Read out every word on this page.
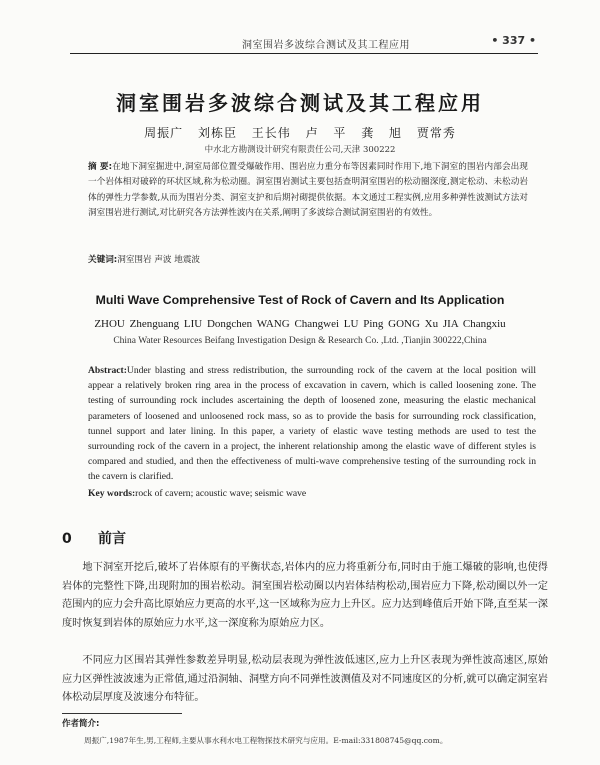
洞室围岩多波综合测试及其工程应用	• 337 •
洞室围岩多波综合测试及其工程应用
周振广 刘栋臣 王长伟 卢 平 龚 旭 贾常秀
中水北方勘测设计研究有限责任公司,天津 300222
摘 要:在地下洞室掘进中,洞室局部位置受爆破作用、围岩应力重分布等因素同时作用下,地下洞室的围岩内部会出现一个岩体相对破碎的环状区域,称为松动圈。洞室围岩测试主要包括查明洞室围岩的松动圈深度,测定松动、未松动岩体的弹性力学参数,从而为围岩分类、洞室支护和后期衬砌提供依据。本文通过工程实例,应用多种弹性波测试方法对洞室围岩进行测试,对比研究各方法弹性波内在关系,阐明了多波综合测试洞室围岩的有效性。
关键词:洞室围岩 声波 地震波
Multi Wave Comprehensive Test of Rock of Cavern and Its Application
ZHOU Zhenguang LIU Dongchen WANG Changwei LU Ping GONG Xu JIA Changxiu
China Water Resources Beifang Investigation Design & Research Co. ,Ltd. ,Tianjin 300222,China
Abstract:Under blasting and stress redistribution, the surrounding rock of the cavern at the local position will appear a relatively broken ring area in the process of excavation in cavern, which is called loosening zone. The testing of surrounding rock includes ascertaining the depth of loosened zone, measuring the elastic mechanical parameters of loosened and unloosened rock mass, so as to provide the basis for surrounding rock classification, tunnel support and later lining. In this paper, a variety of elastic wave testing methods are used to test the surrounding rock of the cavern in a project, the inherent relationship among the elastic wave of different styles is compared and studied, and then the effectiveness of multi-wave comprehensive testing of the surrounding rock in the cavern is clarified.
Key words:rock of cavern; acoustic wave; seismic wave
0 前言
地下洞室开挖后,破坏了岩体原有的平衡状态,岩体内的应力将重新分布,同时由于施工爆破的影响,也使得岩体的完整性下降,出现附加的围岩松动。洞室围岩松动圈以内岩体结构松动,围岩应力下降,松动圈以外一定范围内的应力会升高比原始应力更高的水平,这一区域称为应力上升区。应力达到峰值后开始下降,直至某一深度时恢复到岩体的原始应力水平,这一深度称为原始应力区。
不同应力区围岩其弹性参数差异明显,松动层表现为弹性波低速区,应力上升区表现为弹性波高速区,原始应力区弹性波波速为正常值,通过沿洞轴、洞壁方向不同弹性波测值及对不同速度区的分析,就可以确定洞室岩体松动层厚度及波速分布特征。
作者简介:
周振广,1987年生,男,工程师,主要从事水利水电工程物探技术研究与应用。E-mail:331808745@qq.com。
